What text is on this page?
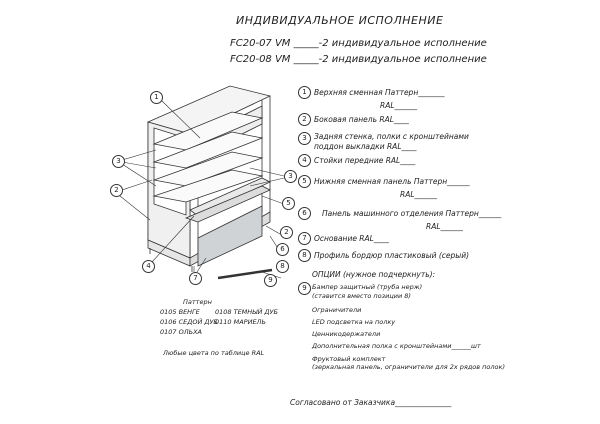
ИНДИВИДУАЛЬНОЕ ИСПОЛНЕНИЕ
FC20-07 VM _____-2 индивидуальное исполнение
FC20-08 VM _____-2 индивидуальное исполнение
1
3
2
3
5
2
4
6
7
8
9
1 Верхняя сменная Паттерн_______
RAL______
2 Боковая панель RAL____
3 Задняя стенка, полки с кронштейнами
поддон выкладки RAL____
4 Стойки передние RAL____
5 Нижняя сменная панель Паттерн______
RAL______
6	Панель машинного отделения Паттерн______
RAL______
7 Основание RAL____
8 Профиль бордюр пластиковый (серый)
ОПЦИИ (нужное подчеркнуть):
9 Бампер защитный (труба нерж)
(ставится вместо позиции 8)
Ограничители
LED подсветка на полку
Ценникодержатели
Дополнительная полка с кронштейнами______шт
Фруктовый комплект
(зеркальная панель, ограничители для 2х рядов полок)
Паттерн
0105 ВЕНГЕ 0108 ТЕМНЫЙ ДУБ
0106 СЕДОЙ ДУБ
0110 МАРИЕЛЬ
0107 ОЛЬХА
Любые цвета по таблице RAL
Согласовано от Заказчика_______________
